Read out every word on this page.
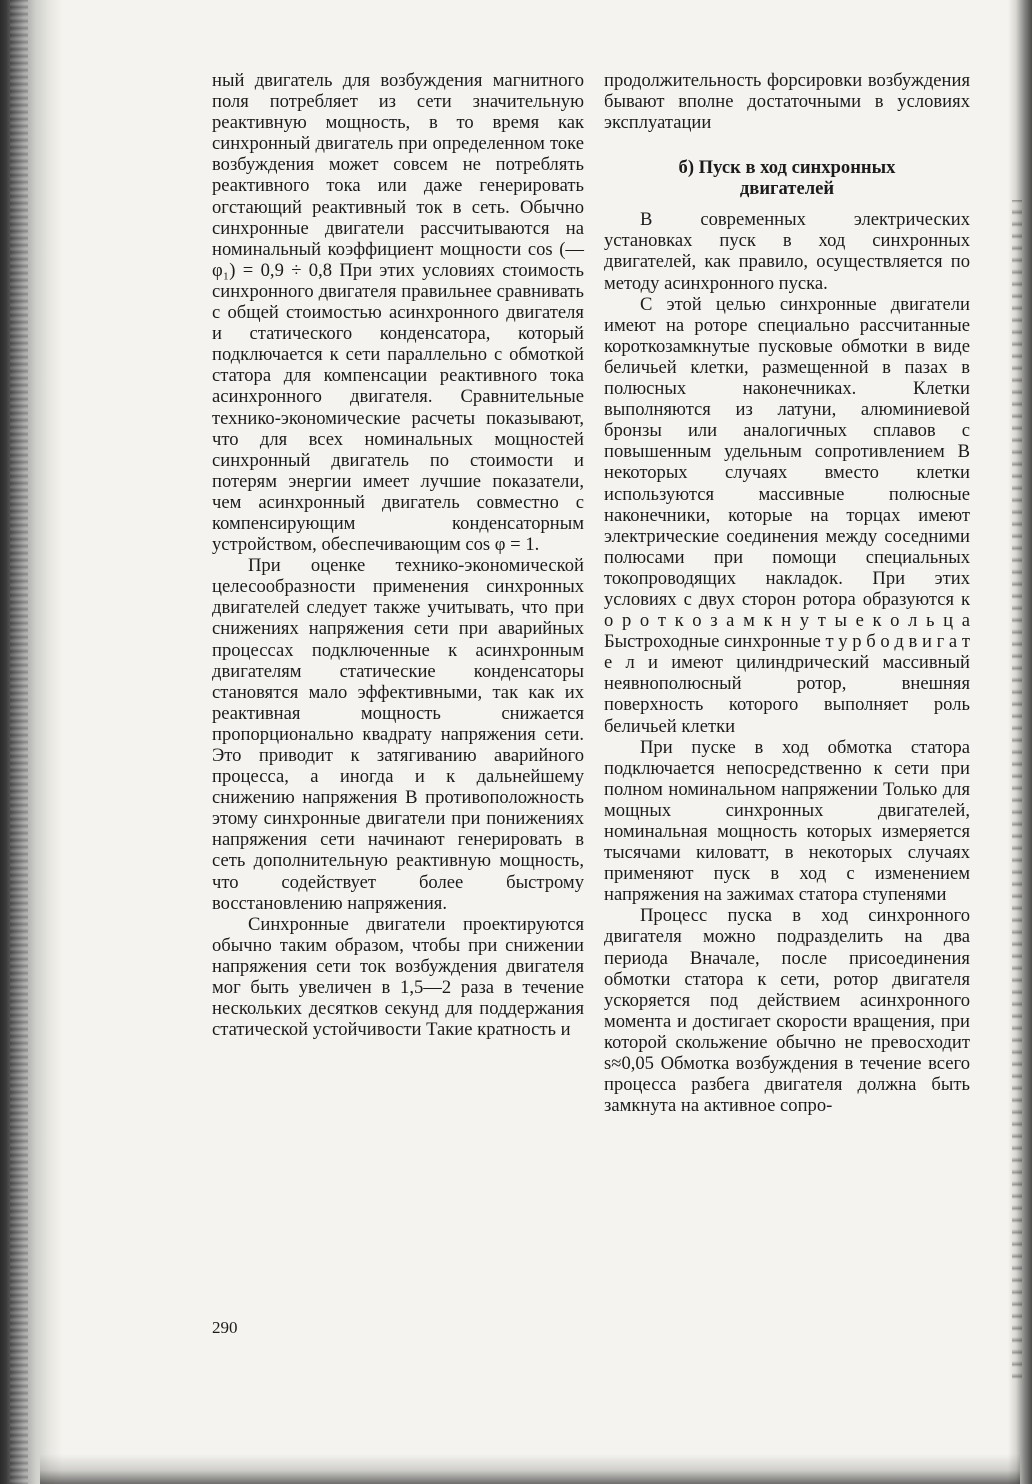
ный двигатель для возбуждения магнитного поля потребляет из сети значительную реактивную мощность, в то время как синхронный двигатель при определенном токе возбуждения может совсем не потреблять реактивного тока или даже генерировать огстающий реактивный ток в сеть. Обычно синхронные двигатели рассчитываются на номинальный коэффициент мощности cos (—φ₁) = 0,9 ÷ 0,8 При этих условиях стоимость синхронного двигателя правильнее сравнивать с общей стоимостью асинхронного двигателя и статического конденсатора, который подключается к сети параллельно с обмоткой статора для компенсации реактивного тока асинхронного двигателя. Сравнительные технико-экономические расчеты показывают, что для всех номинальных мощностей синхронный двигатель по стоимости и потерям энергии имеет лучшие показатели, чем асинхронный двигатель совместно с компенсирующим конденсаторным устройством, обеспечивающим cos φ = 1.

При оценке технико-экономической целесообразности применения синхронных двигателей следует также учитывать, что при снижениях напряжения сети при аварийных процессах подключенные к асинхронным двигателям статические конденсаторы становятся мало эффективными, так как их реактивная мощность снижается пропорционально квадрату напряжения сети. Это приводит к затягиванию аварийного процесса, а иногда и к дальнейшему снижению напряжения В противоположность этому синхронные двигатели при понижениях напряжения сети начинают генерировать в сеть дополнительную реактивную мощность, что содействует более быстрому восстановлению напряжения.

Синхронные двигатели проектируются обычно таким образом, чтобы при снижении напряжения сети ток возбуждения двигателя мог быть увеличен в 1,5—2 раза в течение нескольких десятков секунд для поддержания статической устойчивости Такие кратность и

продолжительность форсировки возбуждения бывают вполне достаточными в условиях эксплуатации

б) Пуск в ход синхронных
двигателей

В современных электрических установках пуск в ход синхронных двигателей, как правило, осуществляется по методу асинхронного пуска.

С этой целью синхронные двигатели имеют на роторе специально рассчитанные короткозамкнутые пусковые обмотки в виде беличьей клетки, размещенной в пазах в полюсных наконечниках. Клетки выполняются из латуни, алюминиевой бронзы или аналогичных сплавов с повышенным удельным сопротивлением В некоторых случаях вместо клетки используются массивные полюсные наконечники, которые на торцах имеют электрические соединения между соседними полюсами при помощи специальных токопроводящих накладок. При этих условиях с двух сторон ротора образуются к о р о т к о з а м к н у т ы е к о л ь ц а Быстроходные синхронные т у р б о д в и г а т е л и имеют цилиндрический массивный неявнополюсный ротор, внешняя поверхность которого выполняет роль беличьей клетки

При пуске в ход обмотка статора подключается непосредственно к сети при полном номинальном напряжении Только для мощных синхронных двигателей, номинальная мощность которых измеряется тысячами киловатт, в некоторых случаях применяют пуск в ход с изменением напряжения на зажимах статора ступенями

Процесс пуска в ход синхронного двигателя можно подразделить на два периода Вначале, после присоединения обмотки статора к сети, ротор двигателя ускоряется под действием асинхронного момента и достигает скорости вращения, при которой скольжение обычно не превосходит s≈0,05 Обмотка возбуждения в течение всего процесса разбега двигателя должна быть замкнута на активное сопро-

290
